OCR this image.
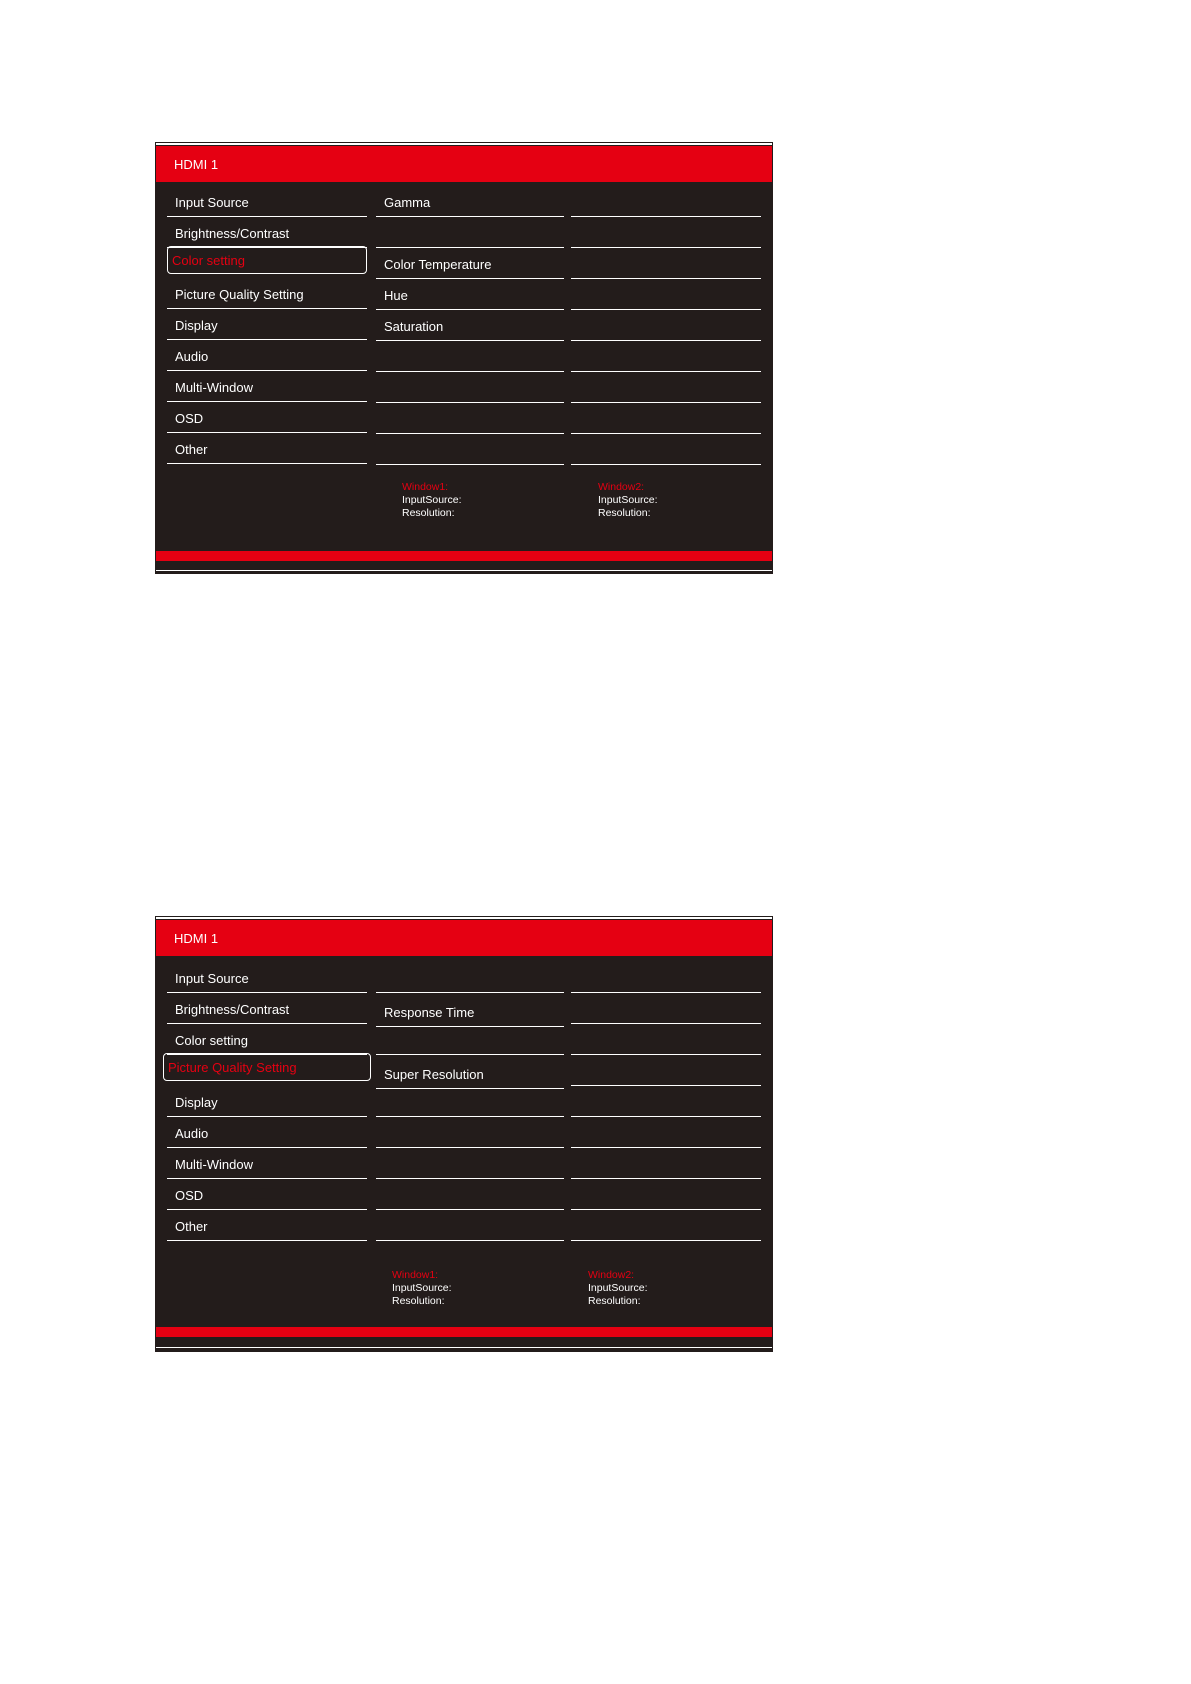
HDMI 1
Input Source
Brightness/Contrast
Color setting
Picture Quality Setting
Display
Audio
Multi-Window
OSD
Other
Gamma
Color Temperature
Hue
Saturation
Window1:
InputSource:
Resolution:
Window2:
InputSource:
Resolution:
HDMI 1
Input Source
Brightness/Contrast
Color setting
Picture Quality Setting
Display
Audio
Multi-Window
OSD
Other
Response Time
Super Resolution
Window1:
InputSource:
Resolution:
Window2:
InputSource:
Resolution:
